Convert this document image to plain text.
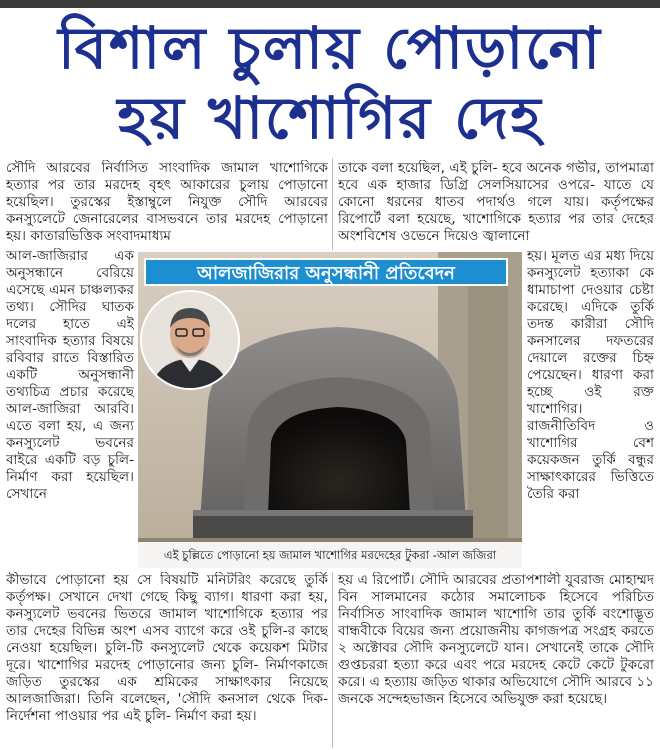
বিশাল চুলায় পোড়ানো
হয় খাশোগির দেহ

সৌদি আরবের নির্বাসিত সাংবাদিক জামাল খাশোগিকে হত্যার পর তার মরদেহ বৃহৎ আকারের চুলায় পোড়ানো হয়েছিল। তুরস্কের ইস্তাম্বুলে নিযুক্ত সৌদি আরবের কনস্যুলেটে জেনারেলের বাসভবনে তার মরদেহ পোড়ানো হয়। কাতারভিত্তিক সংবাদমাধ্যম

তাকে বলা হয়েছিল, এই চুলি- হবে অনেক গভীর, তাপমাত্রা হবে এক হাজার ডিগ্রি সেলসিয়াসের ওপরে- যাতে যে কোনো ধরনের ধাতব পদার্থও গলে যায়। কর্তৃপক্ষের রিপোর্টে বলা হয়েছে, খাশোগিকে হত্যার পর তার দেহের অংশবিশেষ ওভেনে দিয়েও জ্বালানো

আল-জাজিরার এক অনুসন্ধানে বেরিয়ে এসেছে এমন চাঞ্চল্যকর তথ্য। সৌদির ঘাতক দলের হাতে এই সাংবাদিক হত্যার বিষয়ে রবিবার রাতে বিস্তারিত একটি অনুসন্ধানী তথ্যচিত্র প্রচার করেছে আল-জাজিরা আরবি। এতে বলা হয়, এ জন্য কনস্যুলেট ভবনের বাইরে একটি বড় চুলি-নির্মাণ করা হয়েছিল। সেখানে

আলজাজিরার অনুসন্ধানী প্রতিবেদন
এই চুল্লিতে পোড়ানো হয় জামাল খাশোগির মরদেহের টুকরা -আল জজিরা

হয়। মূলত এর মধ্য দিয়ে কনস্যুলেট হত্যাকা কে ধামাচাপা দেওয়ার চেষ্টা করেছে। এদিকে তুর্কি তদন্ত কারীরা সৌদি কনসালের দফতরের দেয়ালে রক্তের চিহ্ন পেয়েছেন। ধারণা করা হচ্ছে ওই রক্ত খাশোগির। রাজনীতিবিদ ও খাশোগির বেশ কয়েকজন তুর্কি বন্ধুর সাক্ষাৎকারের ভিত্তিতে তৈরি করা

কীভাবে পোড়ানো হয় সে বিষয়টি মনিটরিং করেছে তুর্কি কর্তৃপক্ষ। সেখানে দেখা গেছে কিছু ব্যাগ। ধারণা করা হয়, কনস্যুলেট ভবনের ভিতরে জামাল খাশোগিকে হত্যার পর তার দেহের বিভিন্ন অংশ এসব ব্যাগে করে ওই চুলি-র কাছে নেওয়া হয়েছিল। চুলি-টি কনস্যুলেট থেকে কয়েকশ মিটার দূরে। খাশোগির মরদেহ পোড়ানোর জন্য চুলি- নির্মাণকাজে জড়িত তুরস্কের এক শ্রমিকের সাক্ষাৎকার নিয়েছে আলজাজিরা। তিনি বলেছেন, 'সৌদি কনসাল থেকে দিক-নির্দেশনা পাওয়ার পর এই চুলি- নির্মাণ করা হয়।

হয় এ রিপোর্ট। সৌদি আরবের প্রতাপশালী যুবরাজ মোহাম্মদ বিন সালমানের কঠোর সমালোচক হিসেবে পরিচিত নির্বাসিত সাংবাদিক জামাল খাশোগি তার তুর্কি বংশোদ্ভূত বান্ধবীকে বিয়ের জন্য প্রয়োজনীয় কাগজপত্র সংগ্রহ করতে ২ অক্টোবর সৌদি কনস্যুলেটে যান। সেখানেই তাকে সৌদি গুপ্তচররা হত্যা করে এবং পরে মরদেহ কেটে কেটে টুকরো করে। এ হত্যায় জড়িত থাকার অভিযোগে সৌদি আরবে ১১ জনকে সন্দেহভাজন হিসেবে অভিযুক্ত করা হয়েছে।
